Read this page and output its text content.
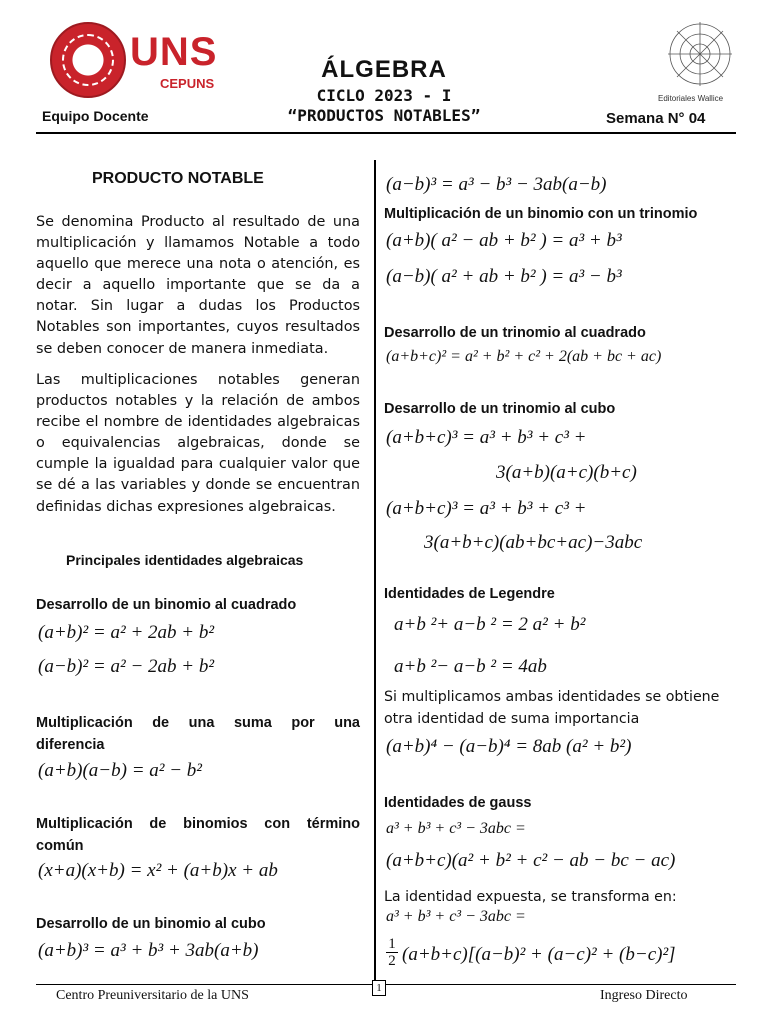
UNS
CEPUNS
Equipo Docente
ÁLGEBRA
CICLO 2023 - I
“PRODUCTOS NOTABLES”	Semana N° 04
Editoriales Wallice
PRODUCTO NOTABLE
Se denomina Producto al resultado de una multiplicación y llamamos Notable a todo aquello que merece una nota o atención, es decir a aquello importante que se da a notar. Sin lugar a dudas los Productos Notables son importantes, cuyos resultados se deben conocer de manera inmediata.
Las multiplicaciones notables generan productos notables y la relación de ambos recibe el nombre de identidades algebraicas o equivalencias algebraicas, donde se cumple la igualdad para cualquier valor que se dé a las variables y donde se encuentran definidas dichas expresiones algebraicas.
Principales identidades algebraicas
Desarrollo de un binomio al cuadrado
(a+b)² = a² + 2ab + b²
(a−b)² = a² − 2ab + b²
Multiplicación de una suma por una
diferencia
(a+b)(a−b) = a² − b²
Multiplicación de binomios con término
común
(x+a)(x+b) = x² + (a+b)x + ab
Desarrollo de un binomio al cubo
(a+b)³ = a³ + b³ + 3ab(a+b)
(a−b)³ = a³ − b³ − 3ab(a−b)
Multiplicación de un binomio con un trinomio
(a+b)( a² − ab + b² ) = a³ + b³
(a−b)( a² + ab + b² ) = a³ − b³
Desarrollo de un trinomio al cuadrado
(a+b+c)² = a² + b² + c² + 2(ab + bc + ac)
Desarrollo de un trinomio al cubo
(a+b+c)³ = a³ + b³ + c³ +
3(a+b)(a+c)(b+c)
(a+b+c)³ = a³ + b³ + c³ +
3(a+b+c)(ab+bc+ac)−3abc
Identidades de Legendre
a+b ²+ a−b ² = 2 a² + b²
a+b ²− a−b ² = 4ab
Si multiplicamos ambas identidades se obtiene otra identidad de suma importancia
(a+b)⁴ − (a−b)⁴ = 8ab (a² + b²)
Identidades de gauss
a³ + b³ + c³ − 3abc =
(a+b+c)(a² + b² + c² − ab − bc − ac)
La identidad expuesta, se transforma en:
a³ + b³ + c³ − 3abc =
$\frac{1}{2} (a+b+c)[(a-b)^2 + (a-c)^2 + (b-c)^2]$
1
Centro Preuniversitario de la UNS	Ingreso Directo
